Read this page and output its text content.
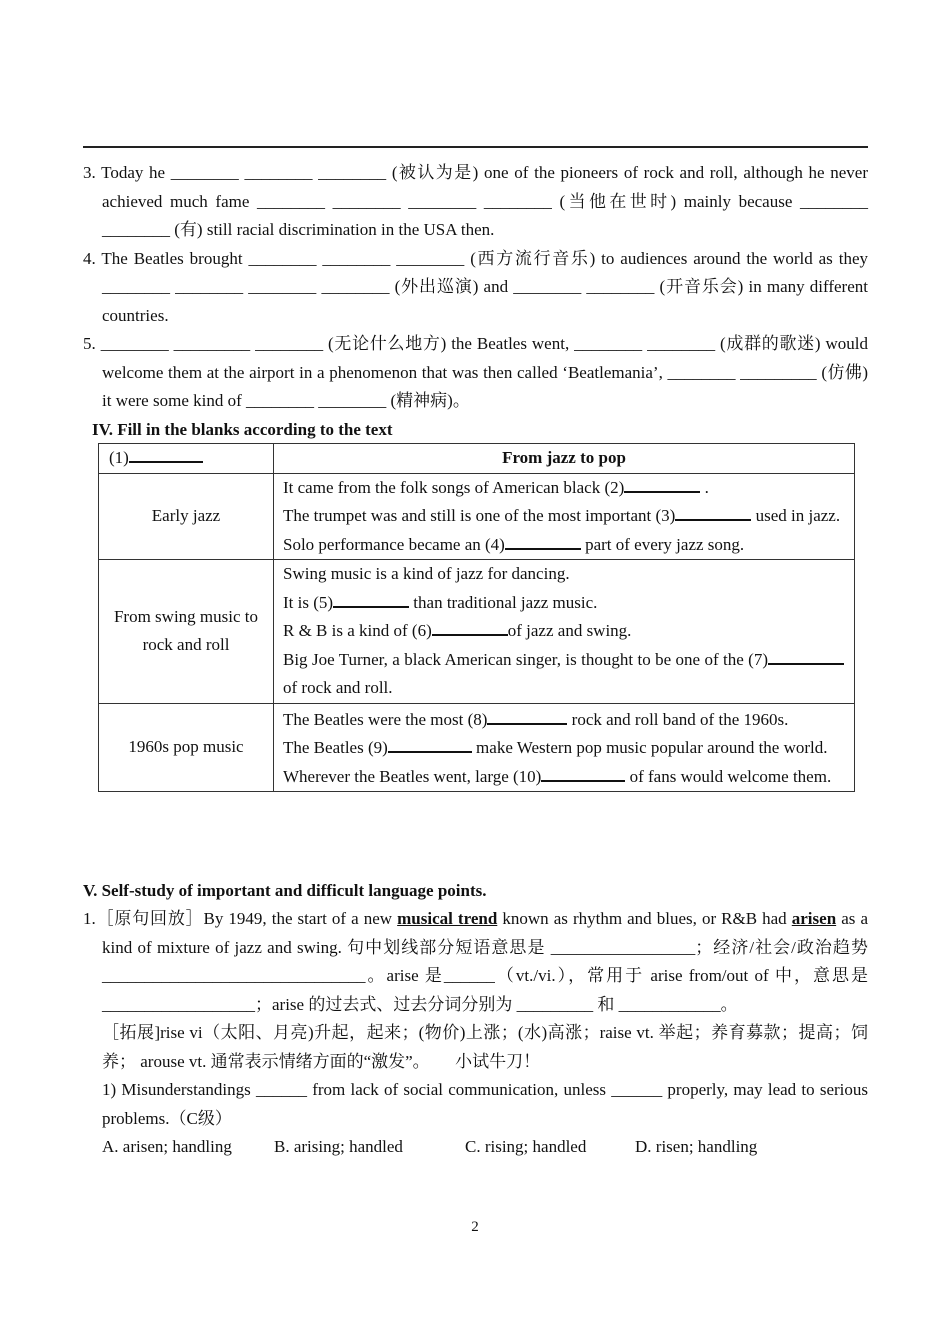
3. Today he ________ ________ ________ (被认为是) one of the pioneers of rock and roll, although he never achieved much fame ________ ________ ________ ________ (当他在世时) mainly because ________ ________ (有) still racial discrimination in the USA then.
4. The Beatles brought ________ ________ ________ (西方流行音乐) to audiences around the world as they ________ ________ ________ ________ (外出巡演) and ________ ________ (开音乐会) in many different countries.
5. ________ _________ ________ (无论什么地方) the Beatles went, ________ ________ (成群的歌迷) would welcome them at the airport in a phenomenon that was then called ‘Beatlemania’, ________ _________ (仿佛) it were some kind of ________ ________ (精神病)。
IV. Fill in the blanks according to the text
(1)	From jazz to pop
Early jazz	It came from the folk songs of American black (2) .

The trumpet was and still is one of the most important (3) used in jazz.

Solo performance became an (4) part of every jazz song.

From swing music to rock and roll	Swing music is a kind of jazz for dancing.

It is (5) than traditional jazz music.

R & B is a kind of (6) of jazz and swing.

Big Joe Turner, a black American singer, is thought to be one of the (7) of rock and roll.

1960s pop music	The Beatles were the most (8) rock and roll band of the 1960s.

The Beatles (9) make Western pop music popular around the world.

Wherever the Beatles went, large (10) of fans would welcome them.

V. Self-study of important and difficult language points.
1.［原句回放］By 1949, the start of a new musical trend known as rhythm and blues, or R&B had arisen as a kind of mixture of jazz and swing. 句中划线部分短语意思是 _________________；经济/社会/政治趋势 _______________________________。arise 是______（vt./vi.），常用于 arise from/out of 中，意思是 __________________；arise 的过去式、过去分词分别为 _________ 和 ____________。
［拓展]rise vi（太阳、月亮)升起，起来；(物价)上涨；(水)高涨；raise vt. 举起；养育募款；提高；饲养； arouse vt. 通常表示情绪方面的“激发”。　　小试牛刀！
1) Misunderstandings ______ from lack of social communication, unless ______ properly, may lead to serious problems.（C级）
A. arisen; handling B. arising; handled	C. rising; handled	D. risen; handling
2
